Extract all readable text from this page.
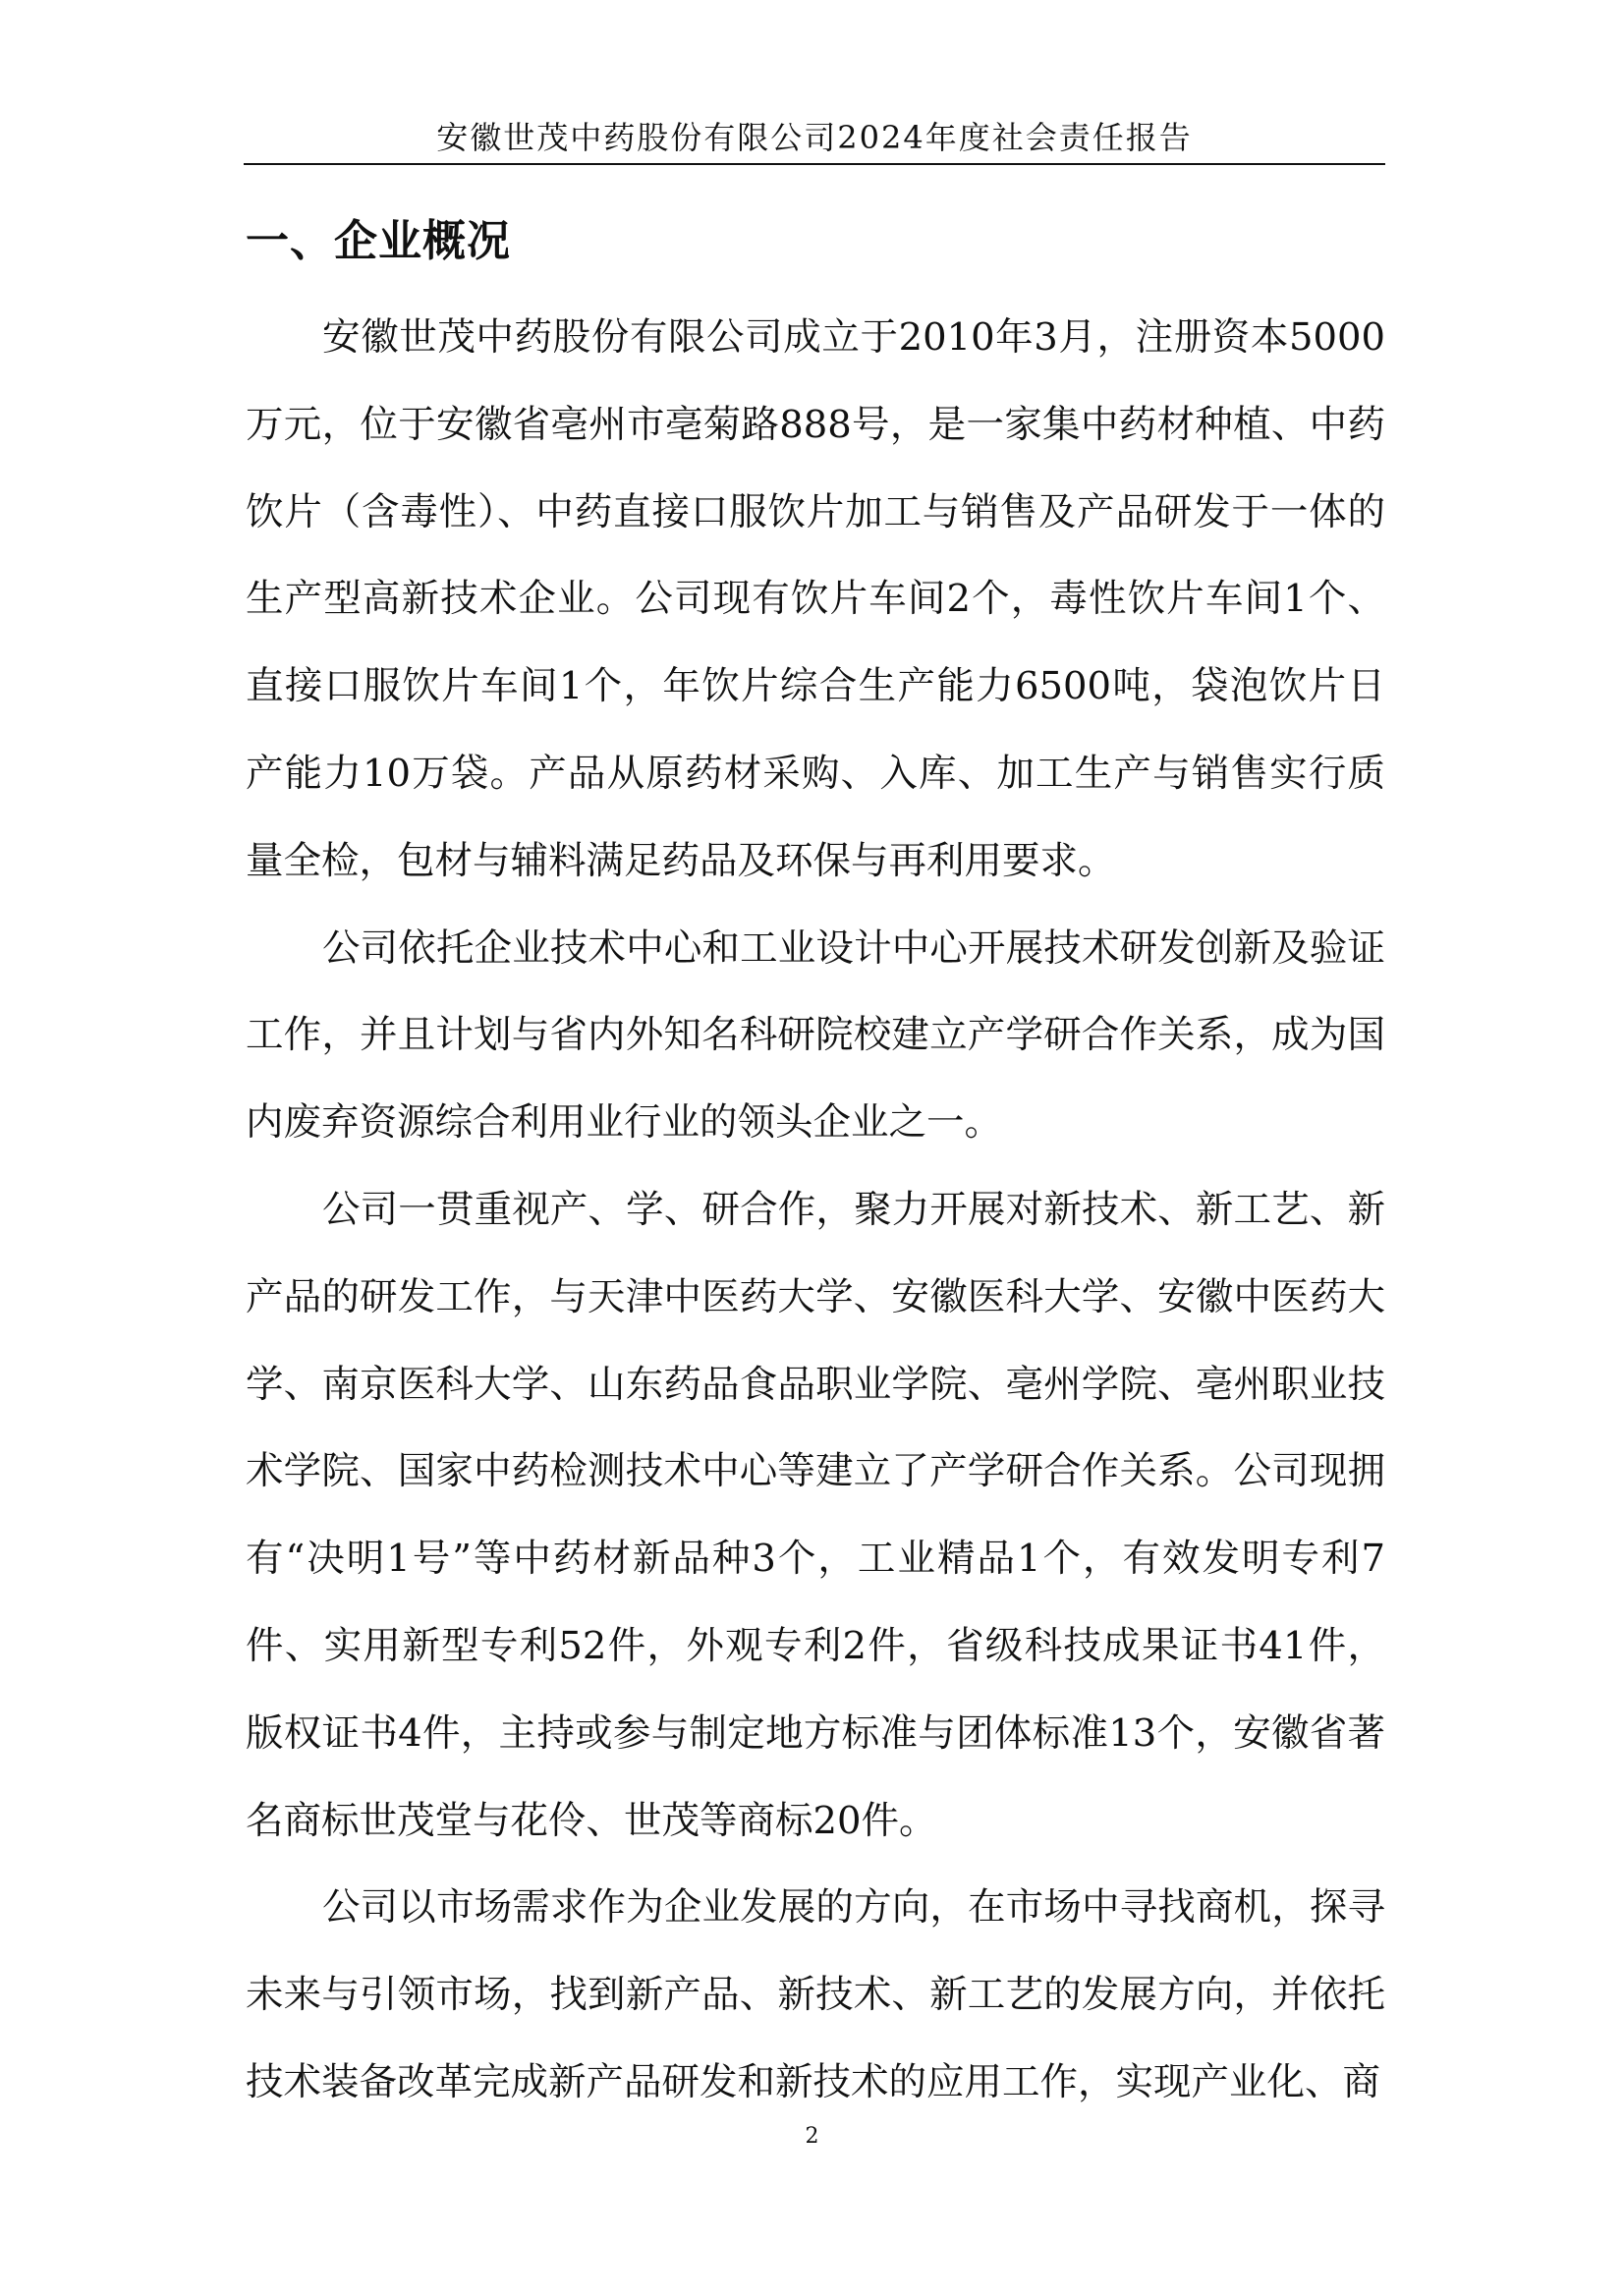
安徽世茂中药股份有限公司2024年度社会责任报告
一、企业概况

安徽世茂中药股份有限公司成立于2010年3月，注册资本5000万元，位于安徽省亳州市亳菊路888号，是一家集中药材种植、中药饮片（含毒性）、中药直接口服饮片加工与销售及产品研发于一体的生产型高新技术企业。公司现有饮片车间2个，毒性饮片车间1个、直接口服饮片车间1个，年饮片综合生产能力6500吨，袋泡饮片日产能力10万袋。产品从原药材采购、入库、加工生产与销售实行质量全检，包材与辅料满足药品及环保与再利用要求。

公司依托企业技术中心和工业设计中心开展技术研发创新及验证工作，并且计划与省内外知名科研院校建立产学研合作关系，成为国内废弃资源综合利用业行业的领头企业之一。

公司一贯重视产、学、研合作，聚力开展对新技术、新工艺、新产品的研发工作，与天津中医药大学、安徽医科大学、安徽中医药大学、南京医科大学、山东药品食品职业学院、亳州学院、亳州职业技术学院、国家中药检测技术中心等建立了产学研合作关系。公司现拥有“决明1号”等中药材新品种3个，工业精品1个，有效发明专利7件、实用新型专利52件，外观专利2件，省级科技成果证书41件，版权证书4件，主持或参与制定地方标准与团体标准13个，安徽省著名商标世茂堂与花伶、世茂等商标20件。

公司以市场需求作为企业发展的方向，在市场中寻找商机，探寻未来与引领市场，找到新产品、新技术、新工艺的发展方向，并依托技术装备改革完成新产品研发和新技术的应用工作，实现产业化、商

2
